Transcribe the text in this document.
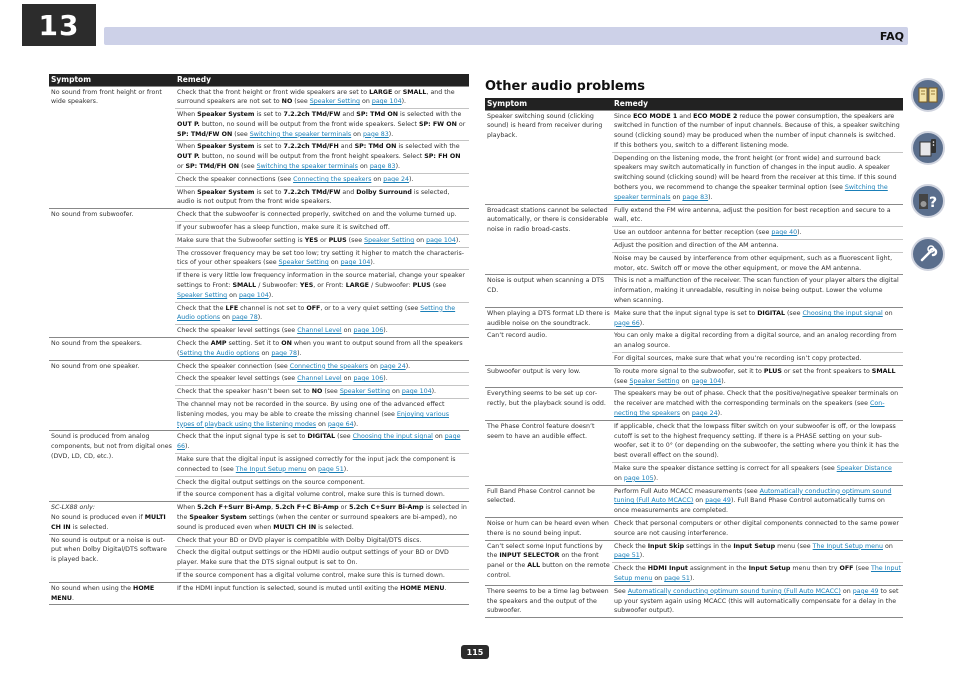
13	FAQ
Symptom	Remedy
No sound from front height or front wide speakers.	Check that the front height or front wide speakers are set to LARGE or SMALL, and the surround speakers are not set to NO (see Speaker Setting on page 104).
	When Speaker System is set to 7.2.2ch TMd/FW and SP: TMd ON is selected with the OUT P. button, no sound will be output from the front wide speakers. Select SP: FW ON or SP: TMd/FW ON (see Switching the speaker terminals on page 83).
	When Speaker System is set to 7.2.2ch TMd/FH and SP: TMd ON is selected with the OUT P. button, no sound will be output from the front height speakers. Select SP: FH ON or SP: TMd/FH ON (see Switching the speaker terminals on page 83).
	Check the speaker connections (see Connecting the speakers on page 24).
	When Speaker System is set to 7.2.2ch TMd/FW and Dolby Surround is selected, audio is not output from the front wide speakers.
No sound from subwoofer.	Check that the subwoofer is connected properly, switched on and the volume turned up.
	If your subwoofer has a sleep function, make sure it is switched off.
	Make sure that the Subwoofer setting is YES or PLUS (see Speaker Setting on page 104).
	The crossover frequency may be set too low; try setting it higher to match the characteris-tics of your other speakers (see Speaker Setting on page 104).
	If there is very little low frequency information in the source material, change your speaker settings to Front: SMALL / Subwoofer: YES, or Front: LARGE / Subwoofer: PLUS (see Speaker Setting on page 104).
	Check that the LFE channel is not set to OFF, or to a very quiet setting (see Setting the Audio options on page 78).
	Check the speaker level settings (see Channel Level on page 106).
No sound from the speakers.	Check the AMP setting. Set it to ON when you want to output sound from all the speakers (Setting the Audio options on page 78).
No sound from one speaker.	Check the speaker connection (see Connecting the speakers on page 24).
	Check the speaker level settings (see Channel Level on page 106).
	Check that the speaker hasn’t been set to NO (see Speaker Setting on page 104).
	The channel may not be recorded in the source. By using one of the advanced effect listening modes, you may be able to create the missing channel (see Enjoying various types of playback using the listening modes on page 64).
Sound is produced from analog components, but not from digital ones (DVD, LD, CD, etc.).	Check that the input signal type is set to DIGITAL (see Choosing the input signal on page 66).
	Make sure that the digital input is assigned correctly for the input jack the component is connected to (see The Input Setup menu on page 51).
	Check the digital output settings on the source component.
	If the source component has a digital volume control, make sure this is turned down.
SC-LX88 only:
No sound is produced even if MULTI CH IN is selected.	When 5.2ch F+Surr Bi-Amp, 5.2ch F+C Bi-Amp or 5.2ch C+Surr Bi-Amp is selected in the Speaker System settings (when the center or surround speakers are bi-amped), no sound is produced even when MULTI CH IN is selected.
No sound is output or a noise is out-put when Dolby Digital/DTS software is played back.	Check that your BD or DVD player is compatible with Dolby Digital/DTS discs.
	Check the digital output settings or the HDMI audio output settings of your BD or DVD player. Make sure that the DTS signal output is set to On.
	If the source component has a digital volume control, make sure this is turned down.
No sound when using the HOME MENU.	If the HDMI input function is selected, sound is muted until exiting the HOME MENU.
Other audio problems
Symptom	Remedy
Speaker switching sound (clicking sound) is heard from receiver during playback.	Since ECO MODE 1 and ECO MODE 2 reduce the power consumption, the speakers are switched in function of the number of input channels. Because of this, a speaker switching sound (clicking sound) may be produced when the number of input channels is switched. If this bothers you, switch to a different listening mode.
	Depending on the listening mode, the front height (or front wide) and surround back speakers may switch automatically in function of changes in the input audio. A speaker switching sound (clicking sound) will be heard from the receiver at this time. If this sound bothers you, we recommend to change the speaker terminal option (see Switching the speaker terminals on page 83).
Broadcast stations cannot be selected automatically, or there is considerable noise in radio broad-casts.	Fully extend the FM wire antenna, adjust the position for best reception and secure to a wall, etc.
	Use an outdoor antenna for better reception (see page 40).
	Adjust the position and direction of the AM antenna.
	Noise may be caused by interference from other equipment, such as a fluorescent light, motor, etc. Switch off or move the other equipment, or move the AM antenna.
Noise is output when scanning a DTS CD.	This is not a malfunction of the receiver. The scan function of your player alters the digital information, making it unreadable, resulting in noise being output. Lower the volume when scanning.
When playing a DTS format LD there is audible noise on the soundtrack.	Make sure that the input signal type is set to DIGITAL (see Choosing the input signal on page 66).
Can’t record audio.	You can only make a digital recording from a digital source, and an analog recording from an analog source.
	For digital sources, make sure that what you’re recording isn’t copy protected.
Subwoofer output is very low.	To route more signal to the subwoofer, set it to PLUS or set the front speakers to SMALL (see Speaker Setting on page 104).
Everything seems to be set up cor-rectly, but the playback sound is odd.	The speakers may be out of phase. Check that the positive/negative speaker terminals on the receiver are matched with the corresponding terminals on the speakers (see Con-necting the speakers on page 24).
The Phase Control feature doesn’t seem to have an audible effect.	If applicable, check that the lowpass filter switch on your subwoofer is off, or the lowpass cutoff is set to the highest frequency setting. If there is a PHASE setting on your sub-woofer, set it to 0° (or depending on the subwoofer, the setting where you think it has the best overall effect on the sound).
	Make sure the speaker distance setting is correct for all speakers (see Speaker Distance on page 105).
Full Band Phase Control cannot be selected.	Perform Full Auto MCACC measurements (see Automatically conducting optimum sound tuning (Full Auto MCACC) on page 49). Full Band Phase Control automatically turns on once measurements are completed.
Noise or hum can be heard even when there is no sound being input.	Check that personal computers or other digital components connected to the same power source are not causing interference.
Can’t select some Input functions by the INPUT SELECTOR on the front panel or the ALL button on the remote control.	Check the Input Skip settings in the Input Setup menu (see The Input Setup menu on page 51).
	Check the HDMI Input assignment in the Input Setup menu then try OFF (see The Input Setup menu on page 51).
There seems to be a time lag between the speakers and the output of the subwoofer.	See Automatically conducting optimum sound tuning (Full Auto MCACC) on page 49 to set up your system again using MCACC (this will automatically compensate for a delay in the subwoofer output).
115
?
